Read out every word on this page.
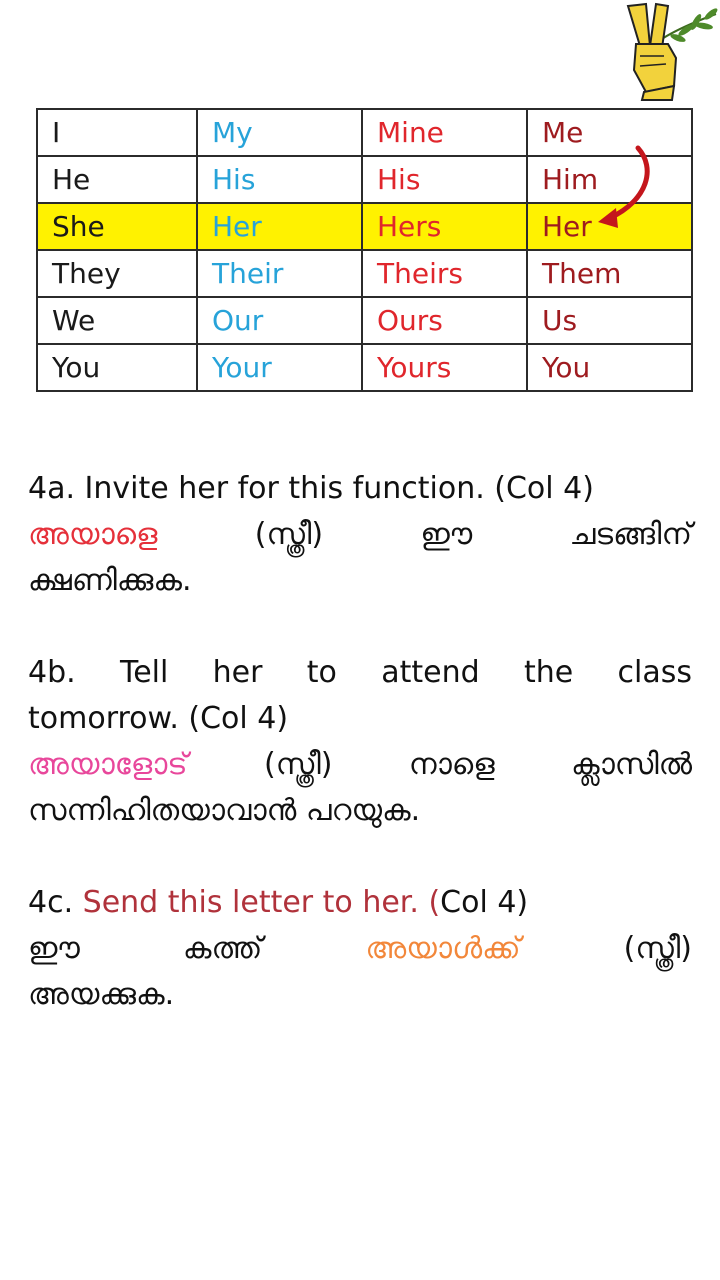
I	My	Mine	Me
He	His	His	Him
She	Her	Hers	Her
They	Their	Theirs	Them
We	Our	Ours	Us
You	Your	Yours	You

4a. Invite her for this function. (Col 4)

അയാളെ (സ്ത്രീ) ഈ ചടങ്ങിന്

ക്ഷണിക്കുക.

4b. Tell her to attend the class

tomorrow. (Col 4)

അയാളോട് (സ്ത്രീ) നാളെ ക്ലാസിൽ

സന്നിഹിതയാവാൻ പറയുക.

4c. Send this letter to her. (Col 4)

ഈ കത്ത് അയാൾക്ക് (സ്ത്രീ)

അയക്കുക.
